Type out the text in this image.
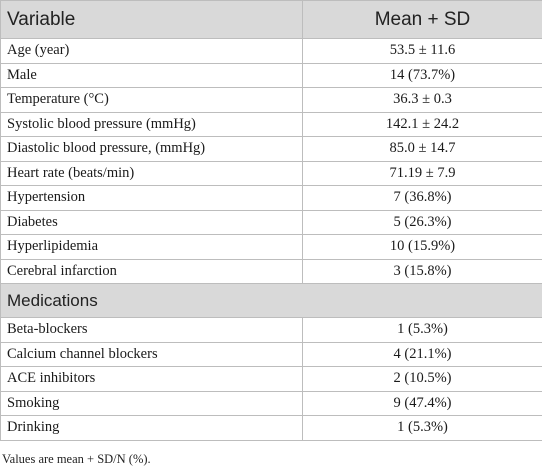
Variable	Mean + SD
Age (year)	53.5 ± 11.6
Male	14 (73.7%)
Temperature (°C)	36.3 ± 0.3
Systolic blood pressure (mmHg)	142.1 ± 24.2
Diastolic blood pressure, (mmHg)	85.0 ± 14.7
Heart rate (beats/min)	71.19 ± 7.9
Hypertension	7 (36.8%)
Diabetes	5 (26.3%)
Hyperlipidemia	10 (15.9%)
Cerebral infarction	3 (15.8%)
Medications	
Beta-blockers	1 (5.3%)
Calcium channel blockers	4 (21.1%)
ACE inhibitors	2 (10.5%)
Smoking	9 (47.4%)
Drinking	1 (5.3%)
Values are mean + SD/N (%).
